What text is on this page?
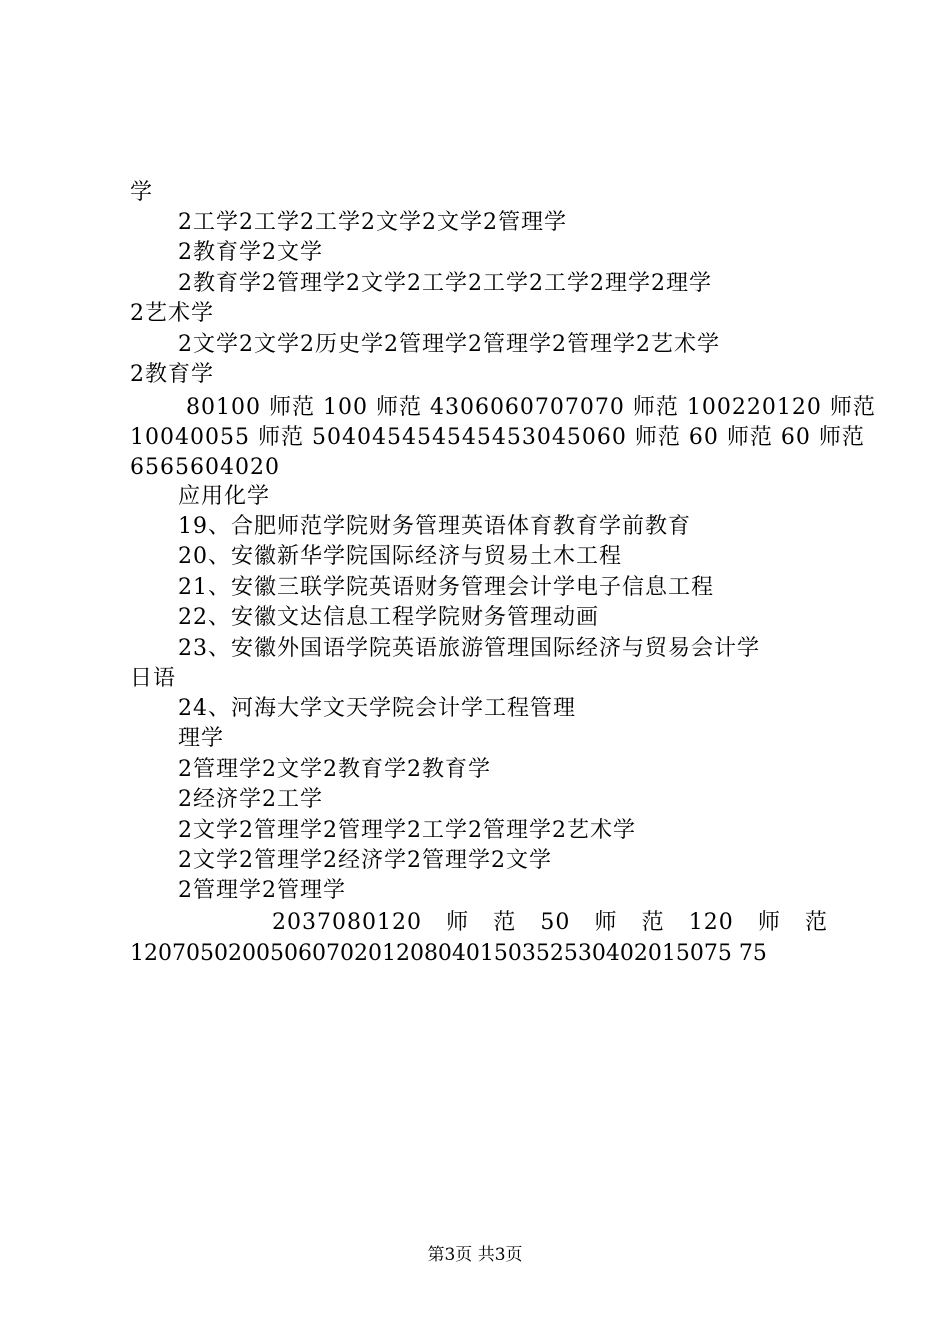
学
2工学2工学2工学2文学2文学2管理学
2教育学2文学
2教育学2管理学2文学2工学2工学2工学2理学2理学
2艺术学
2文学2文学2历史学2管理学2管理学2管理学2艺术学
2教育学
80100 师范 100 师范 4306060707070 师范 100220120 师范
10040055 师范 504045454545453045060 师范 60 师范 60 师范
6565604020
应用化学
19、合肥师范学院财务管理英语体育教育学前教育
20、安徽新华学院国际经济与贸易土木工程
21、安徽三联学院英语财务管理会计学电子信息工程
22、安徽文达信息工程学院财务管理动画
23、安徽外国语学院英语旅游管理国际经济与贸易会计学
日语
24、河海大学文天学院会计学工程管理
理学
2管理学2文学2教育学2教育学
2经济学2工学
2文学2管理学2管理学2工学2管理学2艺术学
2文学2管理学2经济学2管理学2文学
2管理学2管理学
2037080120 师 范 50 师 范 120 师 范
1207050200506070201208040150352530402015075 75
第3页 共3页
